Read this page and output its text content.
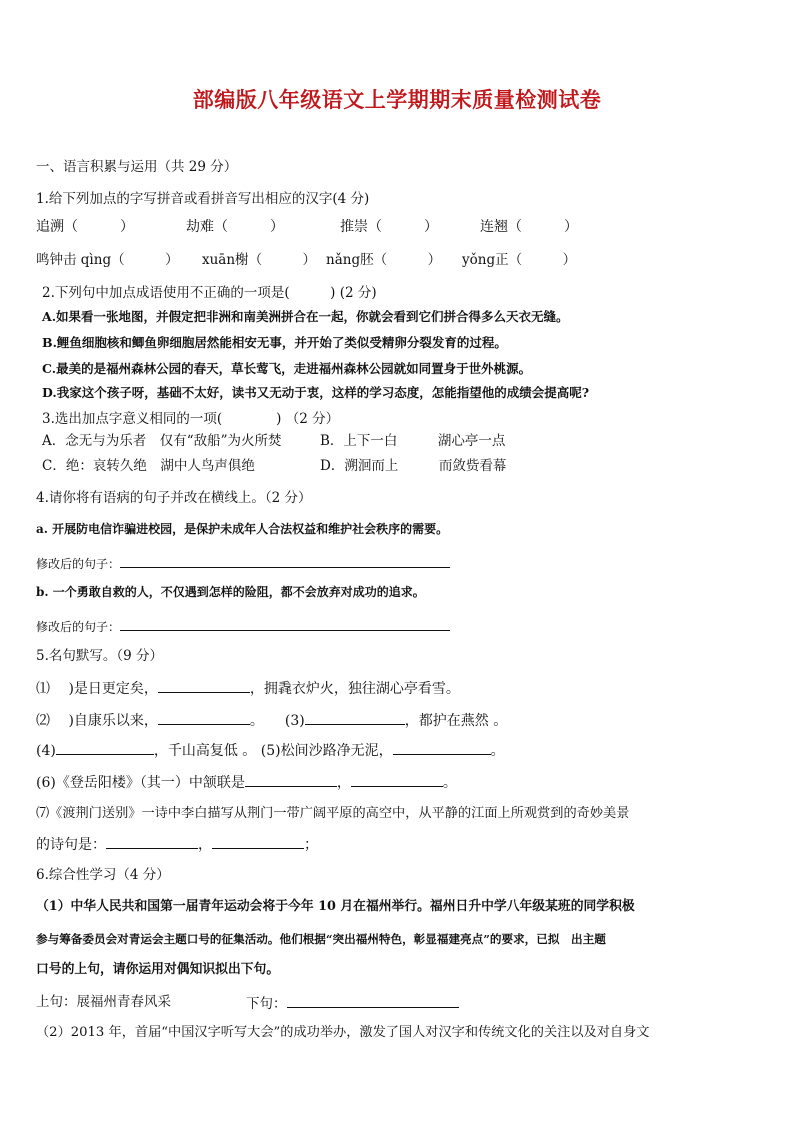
部编版八年级语文上学期期末质量检测试卷
一、语言积累与运用（共 29 分）
1.给下列加点的字写拼音或看拼音写出相应的汉字(4 分)
追溯（　　　）	劫难（　　　）	推崇（　　　）	连翘（　　　）
鸣钟击 qìng（　　　） xuān榭（　　　） nǎng胚（　　　） yǒng正（　　　）
2.下列句中加点成语使用不正确的一项是(　　　) (2 分)
A.如果看一张地图，并假定把非洲和南美洲拼合在一起，你就会看到它们拼合得多么天衣无缝。
B.鲤鱼细胞核和鲫鱼卵细胞居然能相安无事，并开始了类似受精卵分裂发育的过程。
C.最美的是福州森林公园的春天，草长莺飞，走进福州森林公园就如同置身于世外桃源。
D.我家这个孩子呀，基础不太好，读书又无动于衷，这样的学习态度，怎能指望他的成绩会提高呢?
3.选出加点字意义相同的一项(　　　　) （2 分）
A．念无与为乐者　仅有“敌船”为火所焚	B．上下一白　　　湖心亭一点
C．绝：哀转久绝　湖中人鸟声俱绝	D．溯洄而上　　　而敛赀看幕
4.请你将有语病的句子并改在横线上。（2 分）
a. 开展防电信诈骗进校园，是保护未成年人合法权益和维护社会秩序的需要。
修改后的句子：
b. 一个勇敢自救的人，不仅遇到怎样的险阻，都不会放弃对成功的追求。
修改后的句子：
5.名句默写。（9 分）
⑴ 　)是日更定矣，	，拥毳衣炉火，独往湖心亭看雪。
⑵ 　)自康乐以来，	。　　(3)	，都护在燕然 。
(4)	，千山高复低 。 (5)松间沙路净无泥，	。
(6)《登岳阳楼》（其一）中颔联是	，	。
⑺《渡荆门送别》一诗中李白描写从荆门一带广阔平原的高空中，从平静的江面上所观赏到的奇妙美景
的诗句是：	，	；
6.综合性学习（4 分）
（1）中华人民共和国第一届青年运动会将于今年 10 月在福州举行。福州日升中学八年级某班的同学积极
参与筹备委员会对青运会主题口号的征集活动。他们根据“突出福州特色，彰显福建亮点”的要求，已拟　出主题
口号的上句，请你运用对偶知识拟出下句。
上句：展福州青春风采	下句：
（2）2013 年，首届“中国汉字听写大会”的成功举办，激发了国人对汉字和传统文化的关注以及对自身文
